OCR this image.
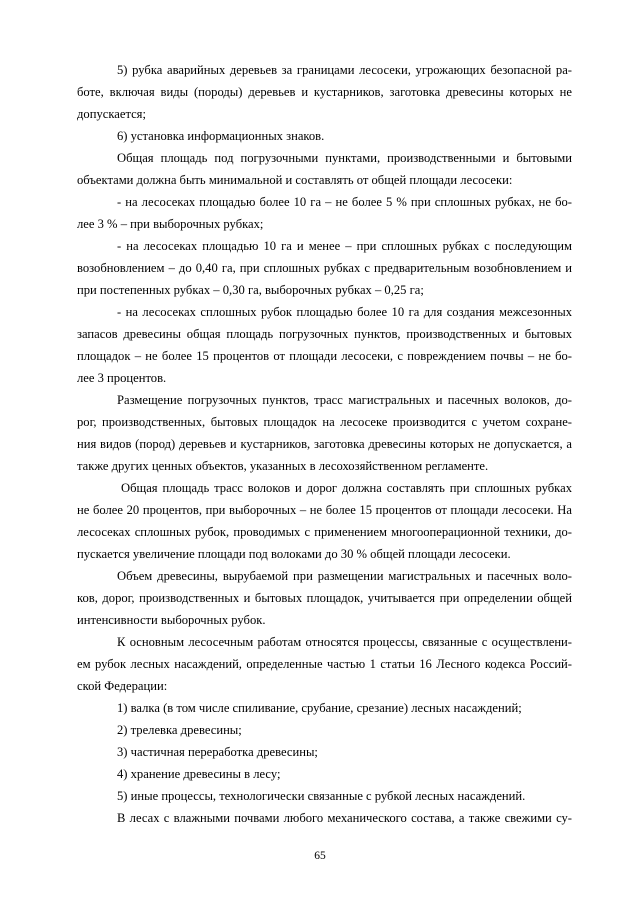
5) рубка аварийных деревьев за границами лесосеки, угрожающих безопасной ра-
боте, включая виды (породы) деревьев и кустарников, заготовка древесины которых не
допускается;
6) установка информационных знаков.
Общая площадь под погрузочными пунктами, производственными и бытовыми
объектами должна быть минимальной и составлять от общей площади лесосеки:
- на лесосеках площадью более 10 га – не более 5 % при сплошных рубках, не бо-
лее 3 % – при выборочных рубках;
- на лесосеках площадью 10 га и менее – при сплошных рубках с последующим
возобновлением – до 0,40 га, при сплошных рубках с предварительным возобновлением и
при постепенных рубках – 0,30 га, выборочных рубках – 0,25 га;
- на лесосеках сплошных рубок площадью более 10 га для создания межсезонных
запасов древесины общая площадь погрузочных пунктов, производственных и бытовых
площадок – не более 15 процентов от площади лесосеки, с повреждением почвы – не бо-
лее 3 процентов.
Размещение погрузочных пунктов, трасс магистральных и пасечных волоков, до-
рог, производственных, бытовых площадок на лесосеке производится с учетом сохране-
ния видов (пород) деревьев и кустарников, заготовка древесины которых не допускается, а
также других ценных объектов, указанных в лесохозяйственном регламенте.
Общая площадь трасс волоков и дорог должна составлять при сплошных рубках
не более 20 процентов, при выборочных – не более 15 процентов от площади лесосеки. На
лесосеках сплошных рубок, проводимых с применением многооперационной техники, до-
пускается увеличение площади под волоками до 30 % общей площади лесосеки.
Объем древесины, вырубаемой при размещении магистральных и пасечных воло-
ков, дорог, производственных и бытовых площадок, учитывается при определении общей
интенсивности выборочных рубок.
К основным лесосечным работам относятся процессы, связанные с осуществлени-
ем рубок лесных насаждений, определенные частью 1 статьи 16 Лесного кодекса Россий-
ской Федерации:
1) валка (в том числе спиливание, срубание, срезание) лесных насаждений;
2) трелевка древесины;
3) частичная переработка древесины;
4) хранение древесины в лесу;
5) иные процессы, технологически связанные с рубкой лесных насаждений.
В лесах с влажными почвами любого механического состава, а также свежими су-
65
